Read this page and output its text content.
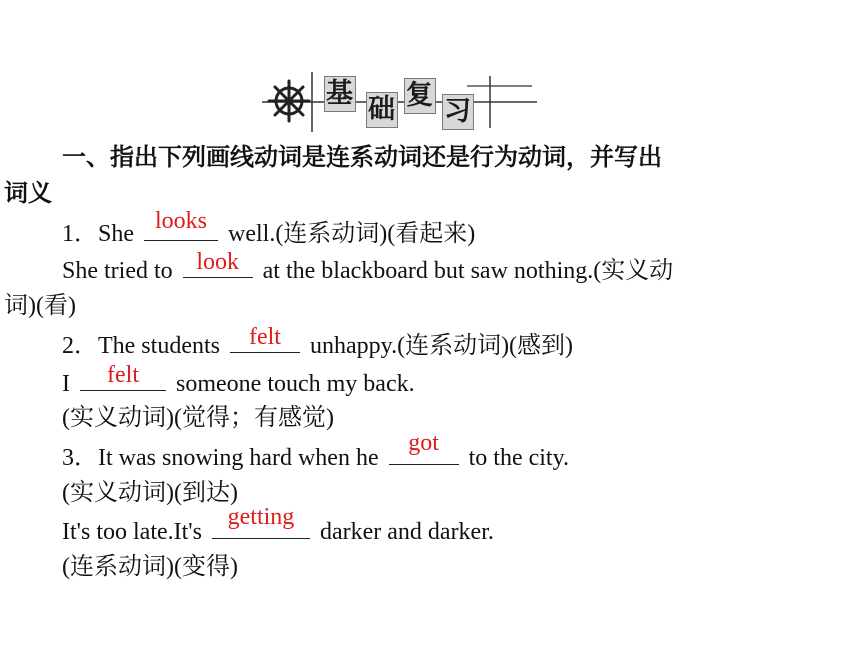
基
础 复
习
一、指出下列画线动词是连系动词还是行为动词，并写出
词义
1．She looks well.(连系动词)(看起来)
She tried to look at the blackboard but saw nothing.(实义动
词)(看)
2．The students felt unhappy.(连系动词)(感到)
I	felt	someone touch my back.
(实义动词)(觉得；有感觉)
3．It was snowing hard when he
got
to the city.
(实义动词)(到达)
It's too late.It's
getting
darker and darker.
(连系动词)(变得)
